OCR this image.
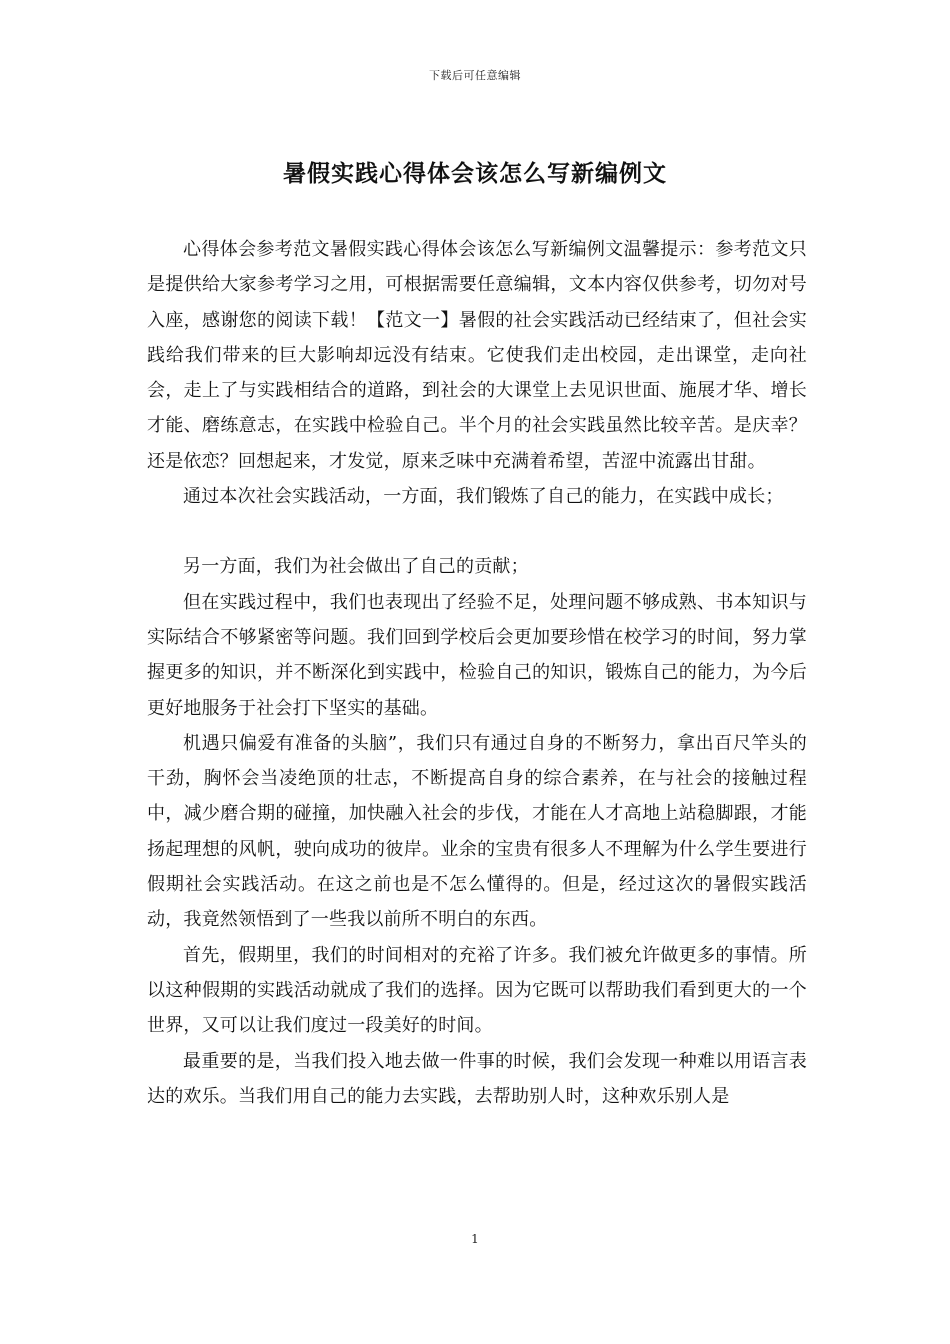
下载后可任意编辑
暑假实践心得体会该怎么写新编例文

心得体会参考范文暑假实践心得体会该怎么写新编例文温馨提示：参考范文只是提供给大家参考学习之用，可根据需要任意编辑，文本内容仅供参考，切勿对号入座，感谢您的阅读下载！【范文一】暑假的社会实践活动已经结束了，但社会实践给我们带来的巨大影响却远没有结束。它使我们走出校园，走出课堂，走向社会，走上了与实践相结合的道路，到社会的大课堂上去见识世面、施展才华、增长才能、磨练意志，在实践中检验自己。半个月的社会实践虽然比较辛苦。是庆幸？还是依恋？回想起来，才发觉，原来乏味中充满着希望，苦涩中流露出甘甜。

通过本次社会实践活动，一方面，我们锻炼了自己的能力，在实践中成长；

另一方面，我们为社会做出了自己的贡献；

但在实践过程中，我们也表现出了经验不足，处理问题不够成熟、书本知识与实际结合不够紧密等问题。我们回到学校后会更加要珍惜在校学习的时间，努力掌握更多的知识，并不断深化到实践中，检验自己的知识，锻炼自己的能力，为今后更好地服务于社会打下坚实的基础。

机遇只偏爱有准备的头脑”，我们只有通过自身的不断努力，拿出百尺竿头的干劲，胸怀会当凌绝顶的壮志，不断提高自身的综合素养，在与社会的接触过程中，减少磨合期的碰撞，加快融入社会的步伐，才能在人才高地上站稳脚跟，才能扬起理想的风帆，驶向成功的彼岸。业余的宝贵有很多人不理解为什么学生要进行假期社会实践活动。在这之前也是不怎么懂得的。但是，经过这次的暑假实践活动，我竟然领悟到了一些我以前所不明白的东西。

首先，假期里，我们的时间相对的充裕了许多。我们被允许做更多的事情。所以这种假期的实践活动就成了我们的选择。因为它既可以帮助我们看到更大的一个世界，又可以让我们度过一段美好的时间。

最重要的是，当我们投入地去做一件事的时候，我们会发现一种难以用语言表达的欢乐。当我们用自己的能力去实践，去帮助别人时，这种欢乐别人是

1
